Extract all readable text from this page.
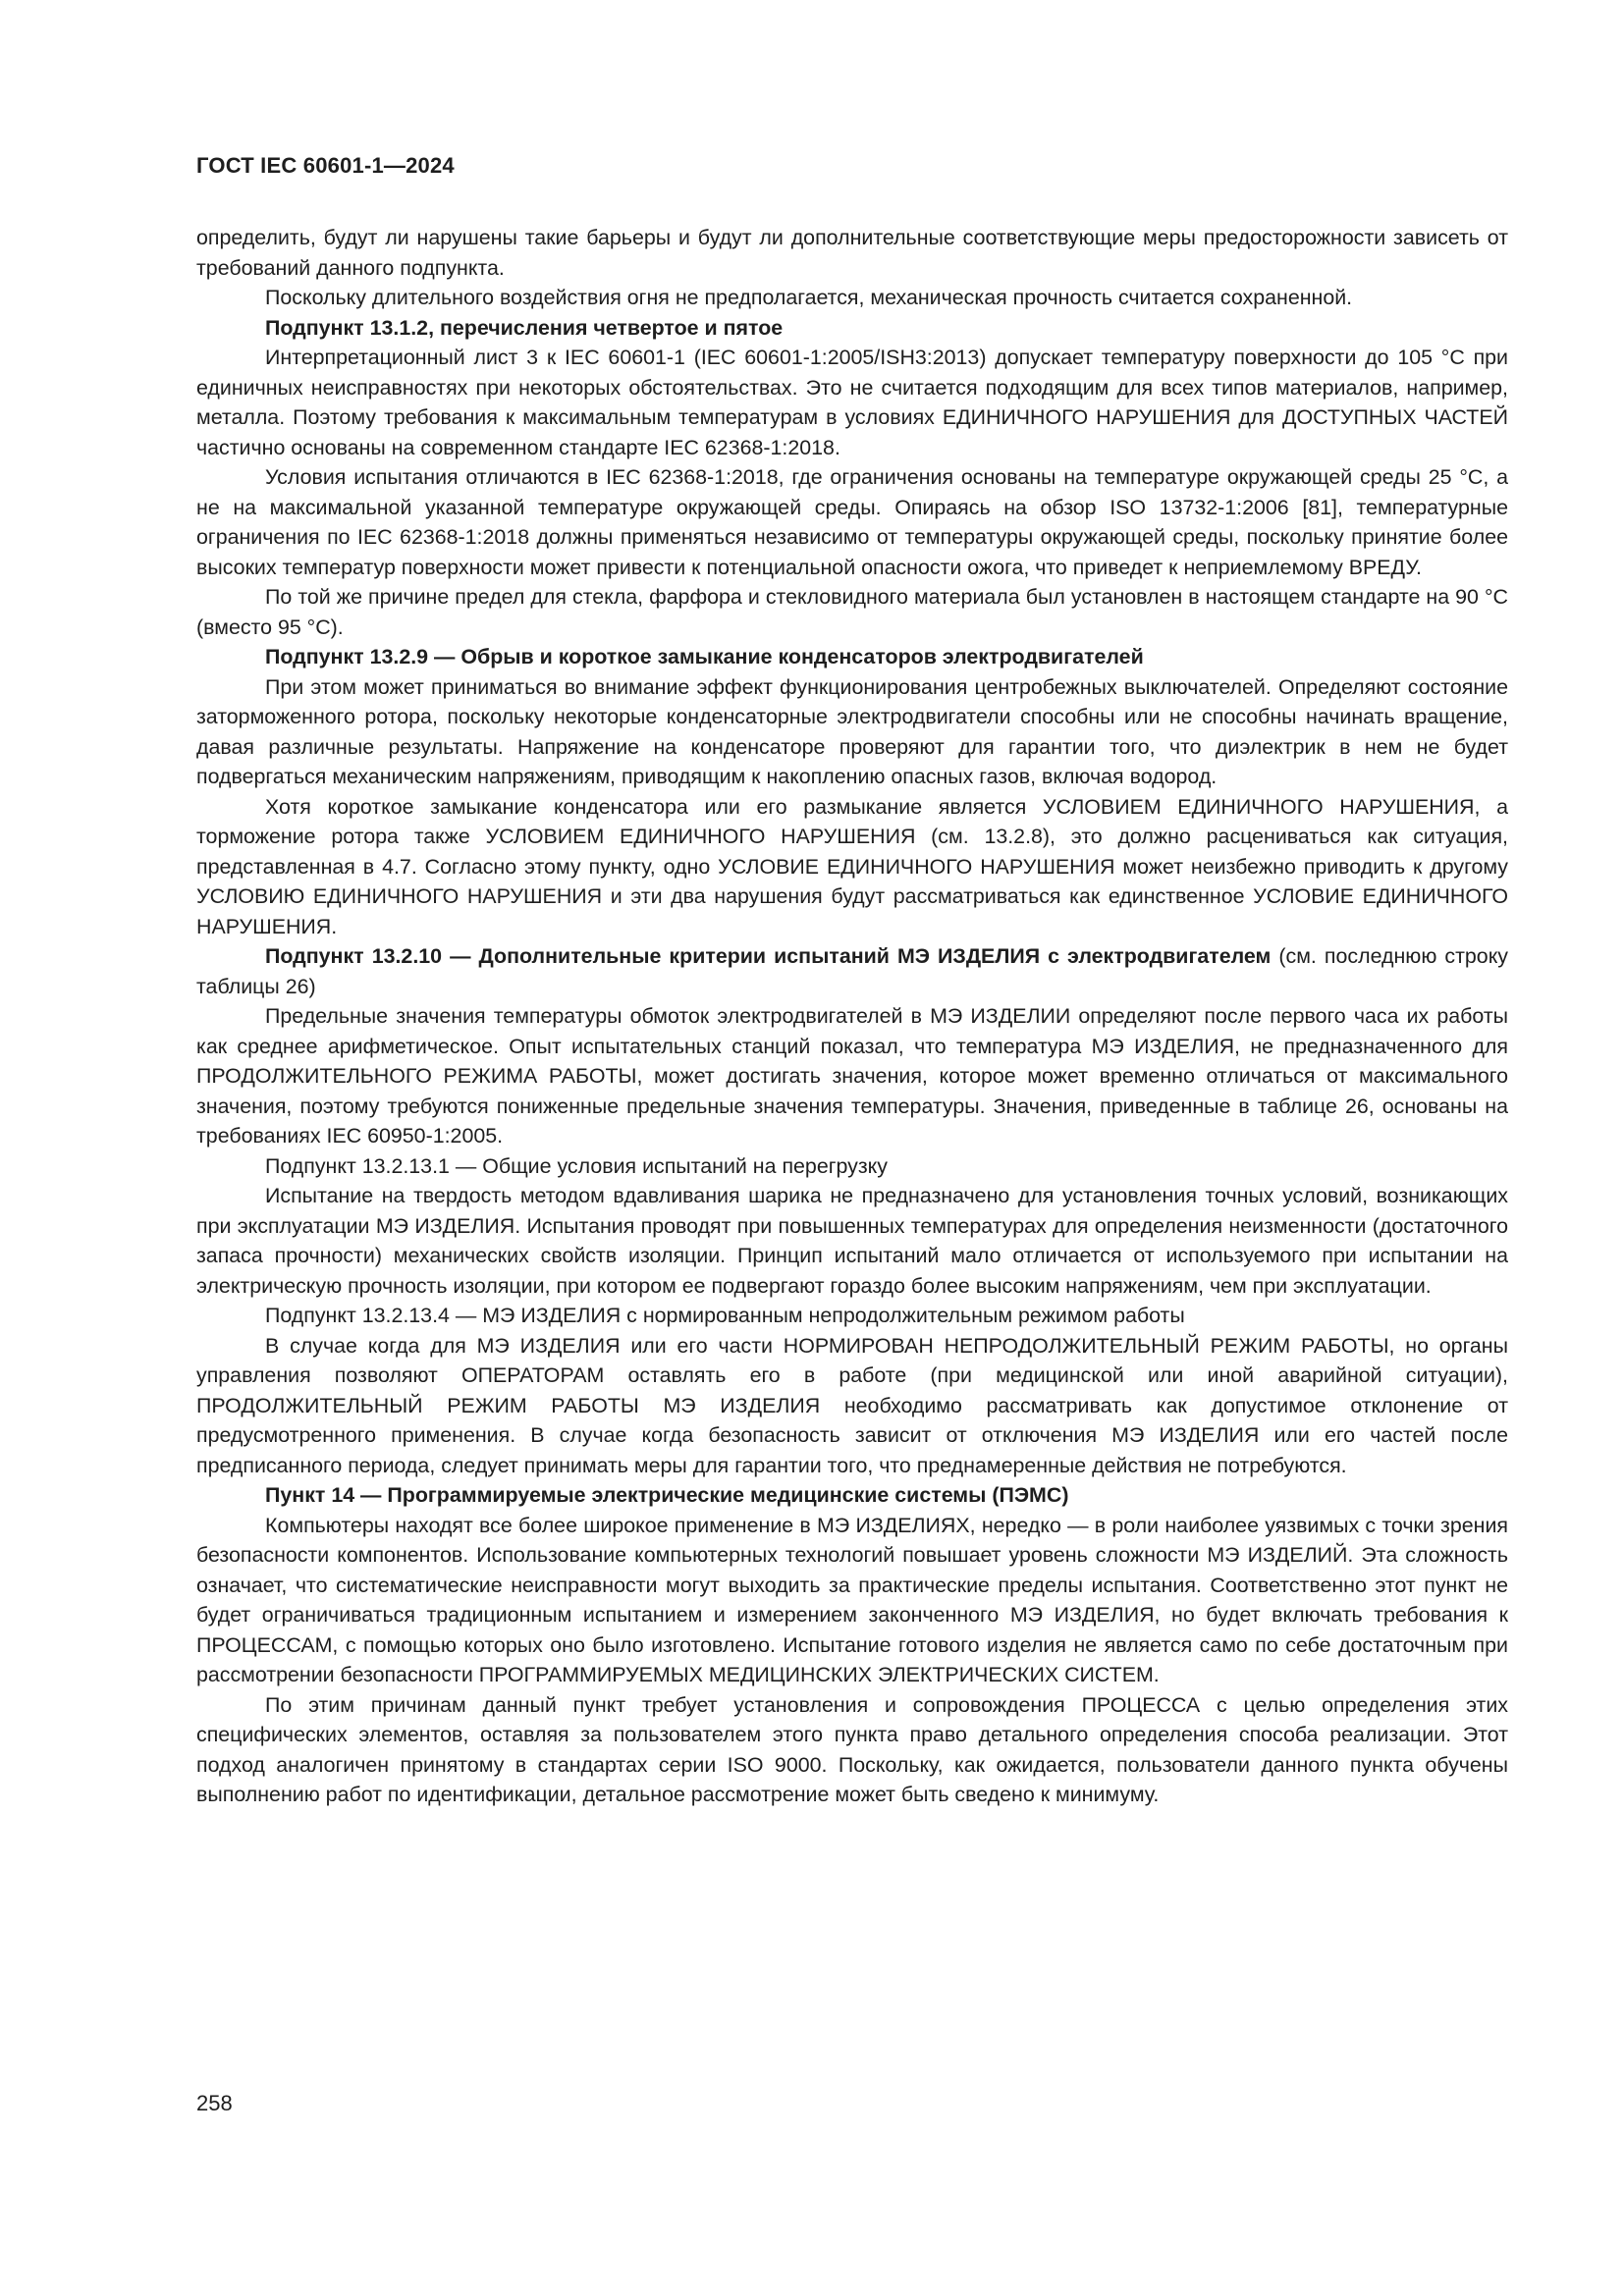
ГОСТ IEC 60601-1—2024

определить, будут ли нарушены такие барьеры и будут ли дополнительные соответствующие меры предосторожности зависеть от требований данного подпункта.

Поскольку длительного воздействия огня не предполагается, механическая прочность считается сохраненной.

Подпункт 13.1.2, перечисления четвертое и пятое

Интерпретационный лист 3 к IEC 60601-1 (IEC 60601-1:2005/ISH3:2013) допускает температуру поверхности до 105 °C при единичных неисправностях при некоторых обстоятельствах. Это не считается подходящим для всех типов материалов, например, металла. Поэтому требования к максимальным температурам в условиях ЕДИНИЧНОГО НАРУШЕНИЯ для ДОСТУПНЫХ ЧАСТЕЙ частично основаны на современном стандарте IEC 62368-1:2018.

Условия испытания отличаются в IEC 62368-1:2018, где ограничения основаны на температуре окружающей среды 25 °C, а не на максимальной указанной температуре окружающей среды. Опираясь на обзор ISO 13732-1:2006 [81], температурные ограничения по IEC 62368-1:2018 должны применяться независимо от температуры окружающей среды, поскольку принятие более высоких температур поверхности может привести к потенциальной опасности ожога, что приведет к неприемлемому ВРЕДУ.

По той же причине предел для стекла, фарфора и стекловидного материала был установлен в настоящем стандарте на 90 °C (вместо 95 °C).

Подпункт 13.2.9 — Обрыв и короткое замыкание конденсаторов электродвигателей

При этом может приниматься во внимание эффект функционирования центробежных выключателей. Определяют состояние заторможенного ротора, поскольку некоторые конденсаторные электродвигатели способны или не способны начинать вращение, давая различные результаты. Напряжение на конденсаторе проверяют для гарантии того, что диэлектрик в нем не будет подвергаться механическим напряжениям, приводящим к накоплению опасных газов, включая водород.

Хотя короткое замыкание конденсатора или его размыкание является УСЛОВИЕМ ЕДИНИЧНОГО НАРУШЕНИЯ, а торможение ротора также УСЛОВИЕМ ЕДИНИЧНОГО НАРУШЕНИЯ (см. 13.2.8), это должно расцениваться как ситуация, представленная в 4.7. Согласно этому пункту, одно УСЛОВИЕ ЕДИНИЧНОГО НАРУШЕНИЯ может неизбежно приводить к другому УСЛОВИЮ ЕДИНИЧНОГО НАРУШЕНИЯ и эти два нарушения будут рассматриваться как единственное УСЛОВИЕ ЕДИНИЧНОГО НАРУШЕНИЯ.

Подпункт 13.2.10 — Дополнительные критерии испытаний МЭ ИЗДЕЛИЯ с электродвигателем (см. последнюю строку таблицы 26)

Предельные значения температуры обмоток электродвигателей в МЭ ИЗДЕЛИИ определяют после первого часа их работы как среднее арифметическое. Опыт испытательных станций показал, что температура МЭ ИЗДЕЛИЯ, не предназначенного для ПРОДОЛЖИТЕЛЬНОГО РЕЖИМА РАБОТЫ, может достигать значения, которое может временно отличаться от максимального значения, поэтому требуются пониженные предельные значения температуры. Значения, приведенные в таблице 26, основаны на требованиях IEC 60950-1:2005.

Подпункт 13.2.13.1 — Общие условия испытаний на перегрузку

Испытание на твердость методом вдавливания шарика не предназначено для установления точных условий, возникающих при эксплуатации МЭ ИЗДЕЛИЯ. Испытания проводят при повышенных температурах для определения неизменности (достаточного запаса прочности) механических свойств изоляции. Принцип испытаний мало отличается от используемого при испытании на электрическую прочность изоляции, при котором ее подвергают гораздо более высоким напряжениям, чем при эксплуатации.

Подпункт 13.2.13.4 — МЭ ИЗДЕЛИЯ с нормированным непродолжительным режимом работы

В случае когда для МЭ ИЗДЕЛИЯ или его части НОРМИРОВАН НЕПРОДОЛЖИТЕЛЬНЫЙ РЕЖИМ РАБОТЫ, но органы управления позволяют ОПЕРАТОРАМ оставлять его в работе (при медицинской или иной аварийной ситуации), ПРОДОЛЖИТЕЛЬНЫЙ РЕЖИМ РАБОТЫ МЭ ИЗДЕЛИЯ необходимо рассматривать как допустимое отклонение от предусмотренного применения. В случае когда безопасность зависит от отключения МЭ ИЗДЕЛИЯ или его частей после предписанного периода, следует принимать меры для гарантии того, что преднамеренные действия не потребуются.

Пункт 14 — Программируемые электрические медицинские системы (ПЭМС)

Компьютеры находят все более широкое применение в МЭ ИЗДЕЛИЯХ, нередко — в роли наиболее уязвимых с точки зрения безопасности компонентов. Использование компьютерных технологий повышает уровень сложности МЭ ИЗДЕЛИЙ. Эта сложность означает, что систематические неисправности могут выходить за практические пределы испытания. Соответственно этот пункт не будет ограничиваться традиционным испытанием и измерением законченного МЭ ИЗДЕЛИЯ, но будет включать требования к ПРОЦЕССАМ, с помощью которых оно было изготовлено. Испытание готового изделия не является само по себе достаточным при рассмотрении безопасности ПРОГРАММИРУЕМЫХ МЕДИЦИНСКИХ ЭЛЕКТРИЧЕСКИХ СИСТЕМ.

По этим причинам данный пункт требует установления и сопровождения ПРОЦЕССА с целью определения этих специфических элементов, оставляя за пользователем этого пункта право детального определения способа реализации. Этот подход аналогичен принятому в стандартах серии ISO 9000. Поскольку, как ожидается, пользователи данного пункта обучены выполнению работ по идентификации, детальное рассмотрение может быть сведено к минимуму.

258
